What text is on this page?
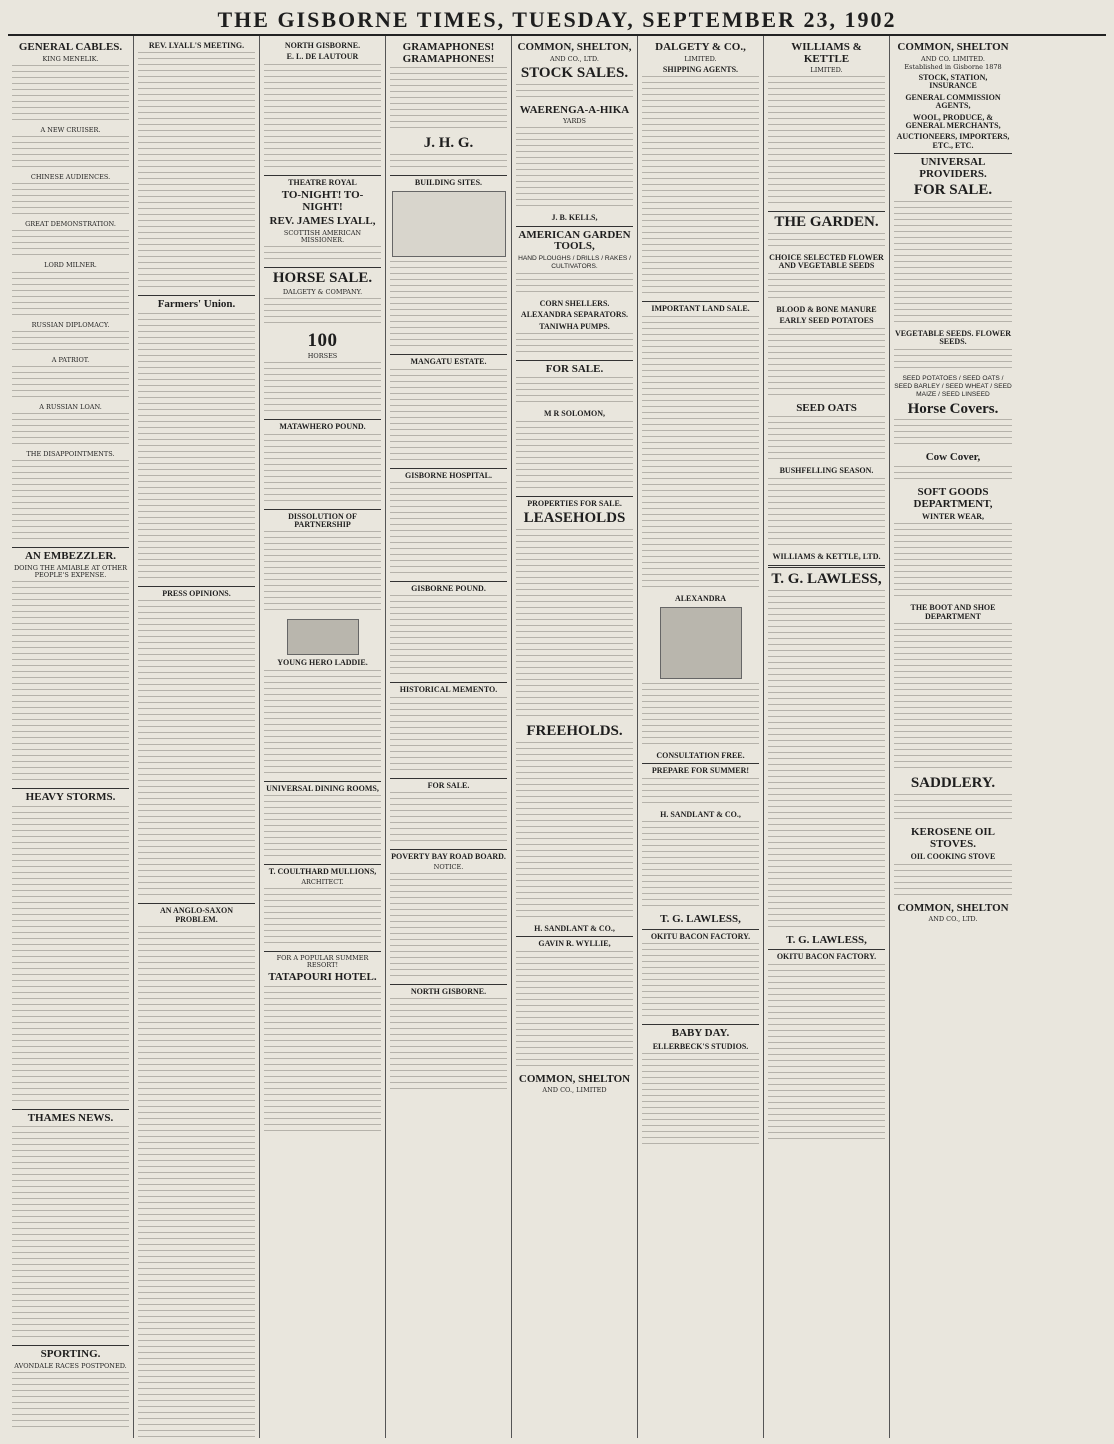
THE GISBORNE TIMES, TUESDAY, SEPTEMBER 23, 1902
GENERAL CABLES.
KING MENELIK.
A NEW CRUISER.
CHINESE AUDIENCES.
GREAT DEMONSTRATION.
LORD MILNER.
RUSSIAN DIPLOMACY.
A PATRIOT.
A RUSSIAN LOAN.
THE DISAPPOINTMENTS.
AN EMBEZZLER.
DOING THE AMIABLE AT OTHER PEOPLE'S EXPENSE.
HEAVY STORMS.
THAMES NEWS.
SPORTING.
AVONDALE RACES POSTPONED.
REV. LYALL'S MEETING.
Farmers' Union.
PRESS OPINIONS.
AN ANGLO-SAXON PROBLEM.
NORTH GISBORNE.
E. L. DE LAUTOUR
THEATRE ROYAL
TO-NIGHT! TO-NIGHT!
REV. JAMES LYALL,
SCOTTISH AMERICAN MISSIONER.
HORSE SALE.
DALGETY & COMPANY.
100
HORSES
MATAWHERO POUND.
DISSOLUTION OF PARTNERSHIP
YOUNG HERO LADDIE.
UNIVERSAL DINING ROOMS,
T. COULTHARD MULLIONS,
ARCHITECT.
FOR A POPULAR SUMMER RESORT!
TATAPOURI HOTEL.
GRAMAPHONES! GRAMAPHONES!
J. H. G.
BUILDING SITES.
MANGATU ESTATE.
GISBORNE HOSPITAL.
GISBORNE POUND.
HISTORICAL MEMENTO.
FOR SALE.
POVERTY BAY ROAD BOARD.
NOTICE.
NORTH GISBORNE.
COMMON, SHELTON,
AND CO., LTD.
STOCK SALES.
WAERENGA-A-HIKA
YARDS
J. B. KELLS,
AMERICAN GARDEN TOOLS,
HAND PLOUGHS / DRILLS / RAKES / CULTIVATORS.
CORN SHELLERS.
ALEXANDRA SEPARATORS.
TANIWHA PUMPS.
FOR SALE.
M R SOLOMON,
PROPERTIES FOR SALE.
LEASEHOLDS
FREEHOLDS.
H. SANDLANT & CO.,
GAVIN R. WYLLIE,
COMMON, SHELTON
AND CO., LIMITED
DALGETY & CO.,
LIMITED.
SHIPPING AGENTS.
IMPORTANT LAND SALE.
ALEXANDRA
CONSULTATION FREE.
PREPARE FOR SUMMER!
H. SANDLANT & CO.,
T. G. LAWLESS,
OKITU BACON FACTORY.
BABY DAY.
ELLERBECK'S STUDIOS.
WILLIAMS & KETTLE
LIMITED.
THE GARDEN.
CHOICE SELECTED FLOWER AND VEGETABLE SEEDS
BLOOD & BONE MANURE
EARLY SEED POTATOES
SEED OATS
BUSHFELLING SEASON.
WILLIAMS & KETTLE, LTD.
T. G. LAWLESS,
T. G. LAWLESS,
OKITU BACON FACTORY.
COMMON, SHELTON
AND CO. LIMITED.
Established in Gisborne 1878
STOCK, STATION, INSURANCE
GENERAL COMMISSION AGENTS,
WOOL, PRODUCE, & GENERAL MERCHANTS,
AUCTIONEERS, IMPORTERS, ETC., ETC.
UNIVERSAL PROVIDERS.
FOR SALE.
VEGETABLE SEEDS. FLOWER SEEDS.
SEED POTATOES / SEED OATS / SEED BARLEY / SEED WHEAT / SEED MAIZE / SEED LINSEED
Horse Covers.
Cow Cover,
SOFT GOODS DEPARTMENT,
WINTER WEAR,
THE BOOT AND SHOE DEPARTMENT
SADDLERY.
KEROSENE OIL STOVES.
OIL COOKING STOVE
COMMON, SHELTON
AND CO., LTD.
